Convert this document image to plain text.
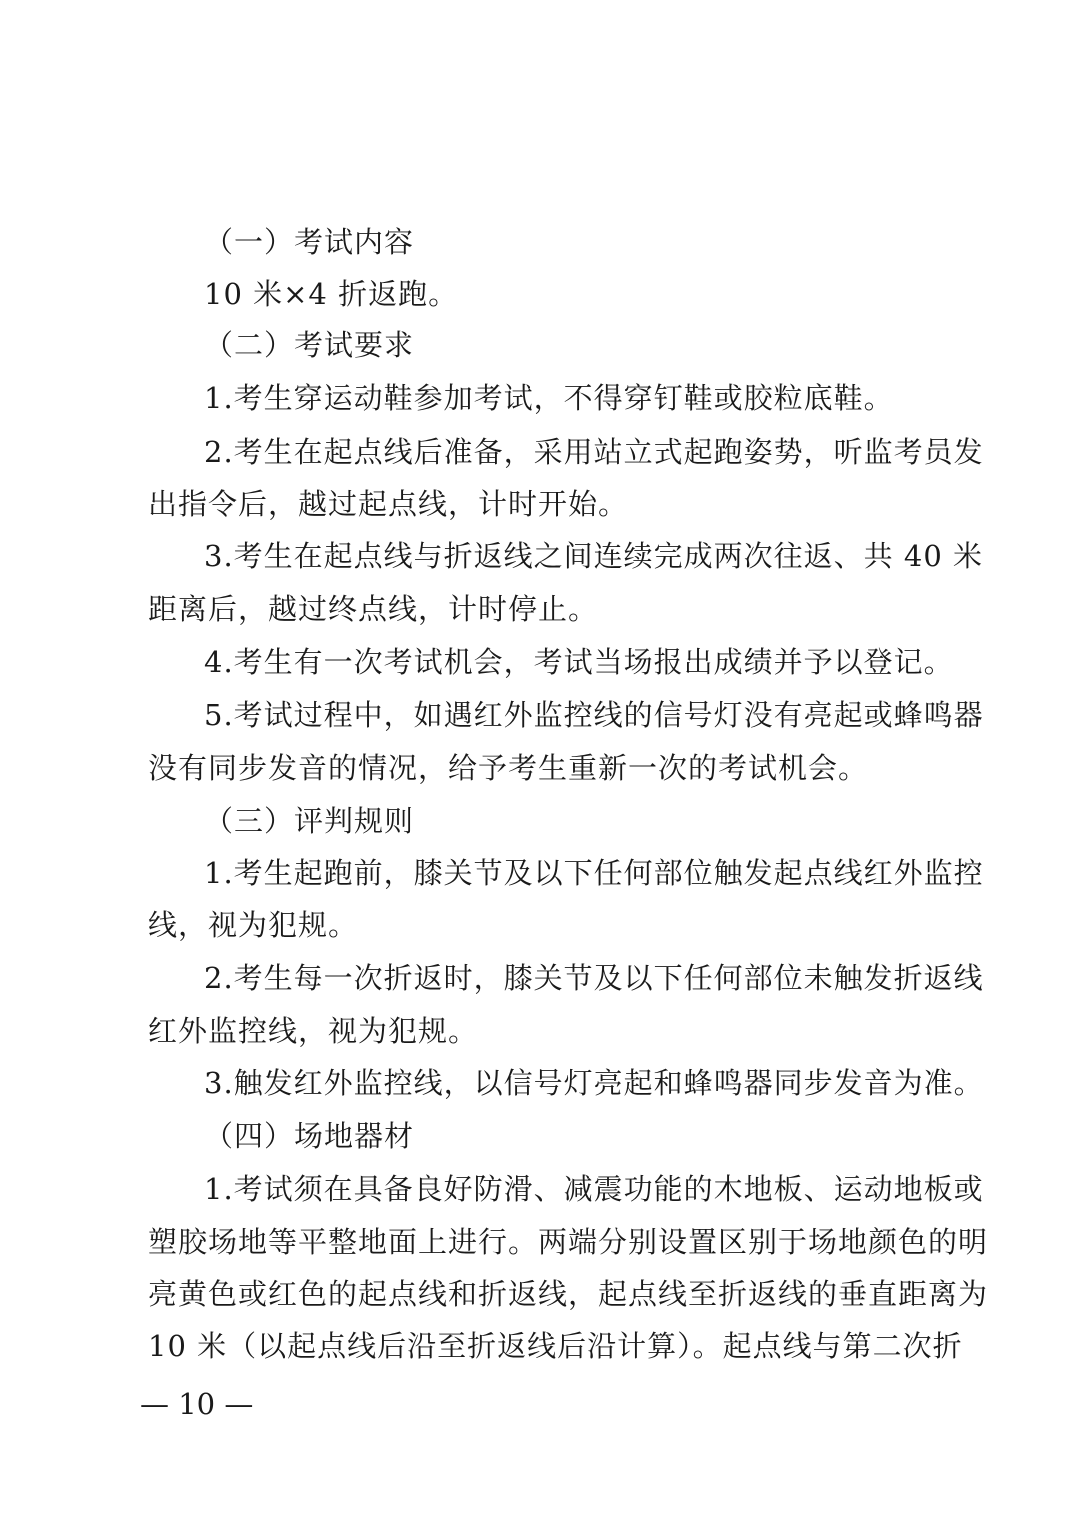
（一）考试内容
10 米×4 折返跑。
（二）考试要求
1.考生穿运动鞋参加考试，不得穿钉鞋或胶粒底鞋。
2.考生在起点线后准备，采用站立式起跑姿势，听监考员发
出指令后，越过起点线，计时开始。
3.考生在起点线与折返线之间连续完成两次往返、共 40 米
距离后，越过终点线，计时停止。
4.考生有一次考试机会，考试当场报出成绩并予以登记。
5.考试过程中，如遇红外监控线的信号灯没有亮起或蜂鸣器
没有同步发音的情况，给予考生重新一次的考试机会。
（三）评判规则
1.考生起跑前，膝关节及以下任何部位触发起点线红外监控
线，视为犯规。
2.考生每一次折返时，膝关节及以下任何部位未触发折返线
红外监控线，视为犯规。
3.触发红外监控线，以信号灯亮起和蜂鸣器同步发音为准。
（四）场地器材
1.考试须在具备良好防滑、减震功能的木地板、运动地板或
塑胶场地等平整地面上进行。两端分别设置区别于场地颜色的明
亮黄色或红色的起点线和折返线，起点线至折返线的垂直距离为
10 米（以起点线后沿至折返线后沿计算）。起点线与第二次折
— 10 —
